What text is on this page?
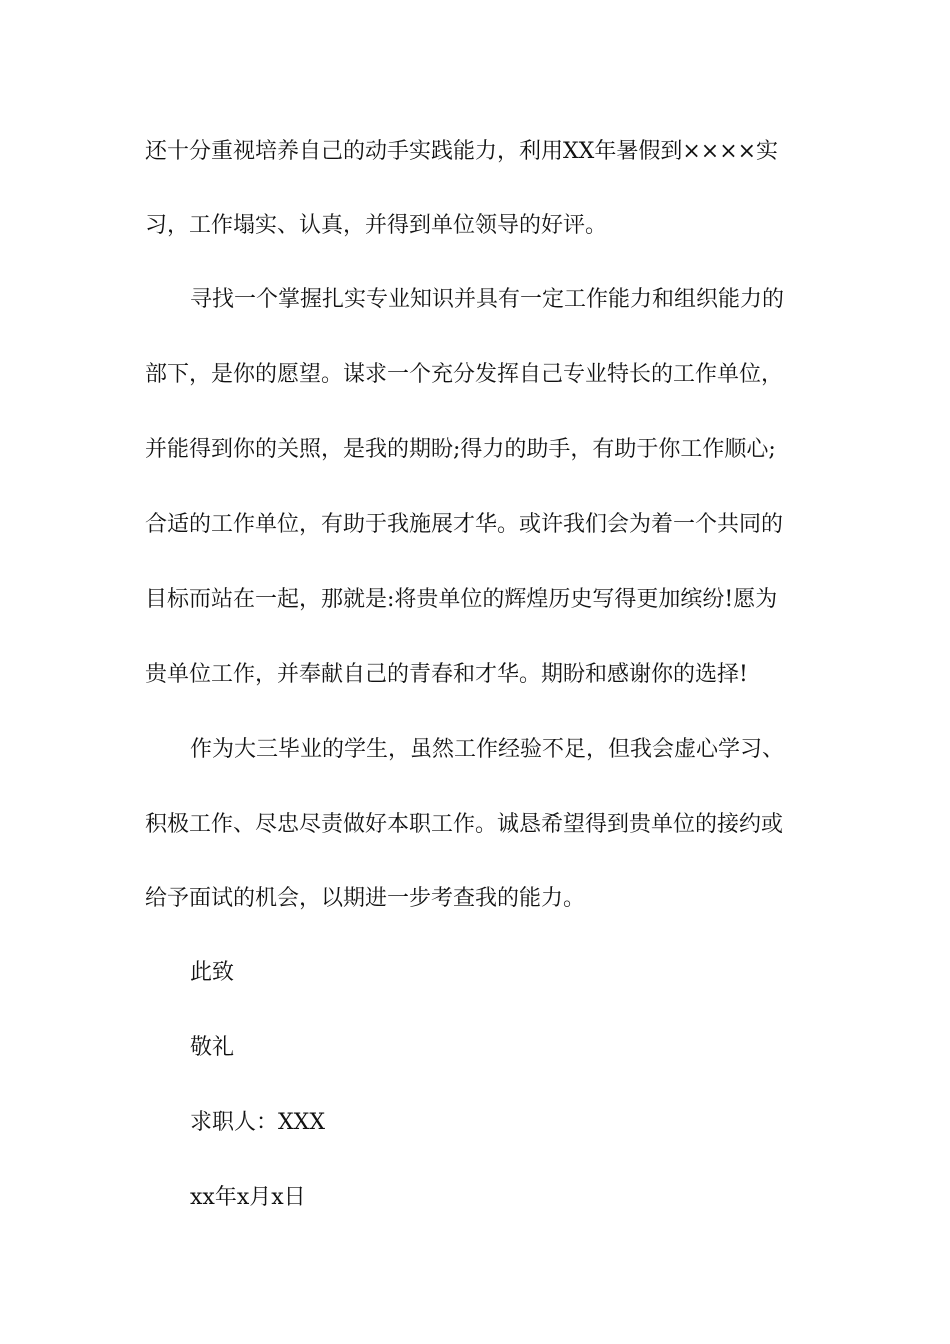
还十分重视培养自己的动手实践能力，利用XX年暑假到××××实
习，工作塌实、认真，并得到单位领导的好评。
寻找一个掌握扎实专业知识并具有一定工作能力和组织能力的
部下，是你的愿望。谋求一个充分发挥自己专业特长的工作单位，
并能得到你的关照，是我的期盼;得力的助手，有助于你工作顺心;
合适的工作单位，有助于我施展才华。或许我们会为着一个共同的
目标而站在一起，那就是:将贵单位的辉煌历史写得更加缤纷!愿为
贵单位工作，并奉献自己的青春和才华。期盼和感谢你的选择!
作为大三毕业的学生，虽然工作经验不足，但我会虚心学习、
积极工作、尽忠尽责做好本职工作。诚恳希望得到贵单位的接约或
给予面试的机会，以期进一步考查我的能力。
此致
敬礼
求职人：XXX
xx年x月x日
